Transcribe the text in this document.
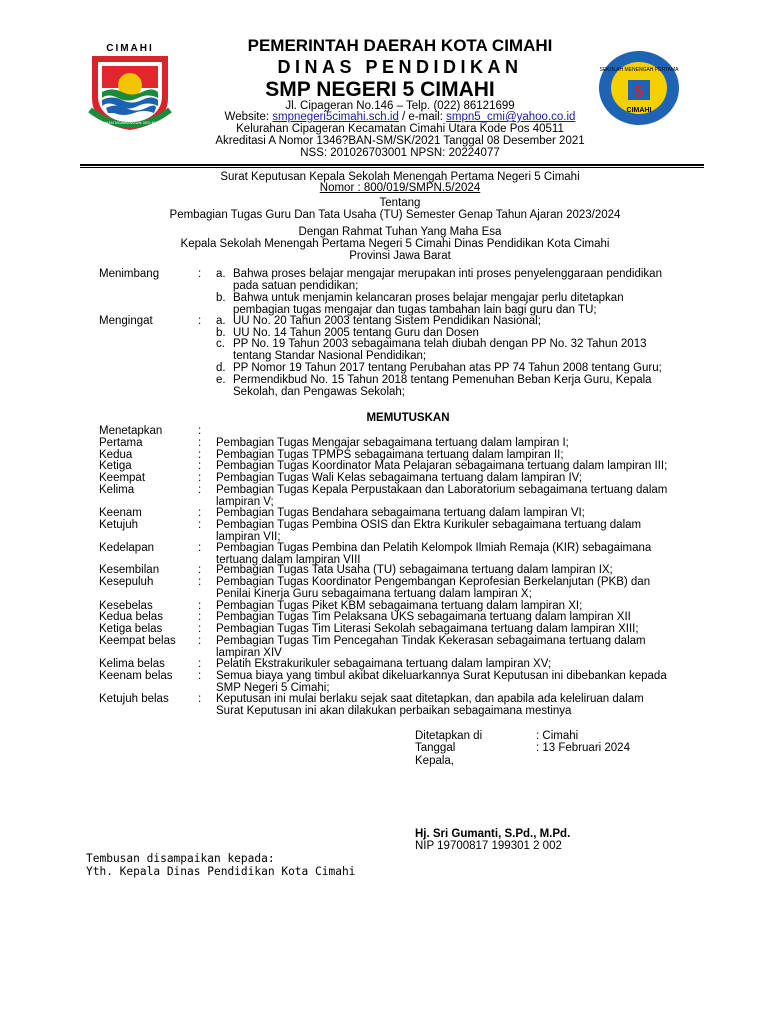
CIMAHI
SAUYUNAN NGAWANGUN JATI MANDIRI
5
SEKOLAH MENENGAH PERTAMA
CIMAHI
PEMERINTAH DAERAH KOTA CIMAHI
DINAS PENDIDIKAN
SMP NEGERI 5 CIMAHI
Jl. Cipageran No.146 – Telp. (022) 86121699
Website: smpnegeri5cimahi.sch.id / e-mail: smpn5_cmi@yahoo.co.id
Kelurahan Cipageran Kecamatan Cimahi Utara Kode Pos 40511
Akreditasi A Nomor 1346?BAN-SM/SK/2021 Tanggal 08 Desember 2021
NSS: 201026703001 NPSN: 20224077
Surat Keputusan Kepala Sekolah Menengah Pertama Negeri 5 Cimahi
Nomor : 800/019/SMPN.5/2024
Tentang
Pembagian Tugas Guru Dan Tata Usaha (TU) Semester Genap Tahun Ajaran 2023/2024
Dengan Rahmat Tuhan Yang Maha Esa
Kepala Sekolah Menengah Pertama Negeri 5 Cimahi Dinas Pendidikan Kota Cimahi
Provinsi Jawa Barat
Menimbang	: a. Bahwa proses belajar mengajar merupakan inti proses penyelenggaraan pendidikan
pada satuan pendidikan;
b. Bahwa untuk menjamin kelancaran proses belajar mengajar perlu ditetapkan
pembagian tugas mengajar dan tugas tambahan lain bagi guru dan TU;
Mengingat	: a. UU No. 20 Tahun 2003 tentang Sistem Pendidikan Nasional;
b. UU No. 14 Tahun 2005 tentang Guru dan Dosen
c. PP No. 19 Tahun 2003 sebagaimana telah diubah dengan PP No. 32 Tahun 2013
tentang Standar Nasional Pendidikan;
d. PP Nomor 19 Tahun 2017 tentang Perubahan atas PP 74 Tahun 2008 tentang Guru;
e. Permendikbud No. 15 Tahun 2018 tentang Pemenuhan Beban Kerja Guru, Kepala
Sekolah, dan Pengawas Sekolah;
MEMUTUSKAN
Menetapkan	:
Pertama	: Pembagian Tugas Mengajar sebagaimana tertuang dalam lampiran I;
Kedua	: Pembagian Tugas TPMPS sebagaimana tertuang dalam lampiran II;
Ketiga	: Pembagian Tugas Koordinator Mata Pelajaran sebagaimana tertuang dalam lampiran III;
Keempat	: Pembagian Tugas Wali Kelas sebagaimana tertuang dalam lampiran IV;
Kelima	: Pembagian Tugas Kepala Perpustakaan dan Laboratorium sebagaimana tertuang dalam
lampiran V;
Keenam	: Pembagian Tugas Bendahara sebagaimana tertuang dalam lampiran VI;
Ketujuh	: Pembagian Tugas Pembina OSIS dan Ektra Kurikuler sebagaimana tertuang dalam
lampiran VII;
Kedelapan	: Pembagian Tugas Pembina dan Pelatih Kelompok Ilmiah Remaja (KIR) sebagaimana
tertuang dalam lampiran VIII
Kesembilan	: Pembagian Tugas Tata Usaha (TU) sebagaimana tertuang dalam lampiran IX;
Kesepuluh	: Pembagian Tugas Koordinator Pengembangan Keprofesian Berkelanjutan (PKB) dan
Penilai Kinerja Guru sebagaimana tertuang dalam lampiran X;
Kesebelas	: Pembagian Tugas Piket KBM sebagaimana tertuang dalam lampiran XI;
Kedua belas	: Pembagian Tugas Tim Pelaksana UKS sebagaimana tertuang dalam lampiran XII
Ketiga belas	: Pembagian Tugas Tim Literasi Sekolah sebagaimana tertuang dalam lampiran XIII;
Keempat belas : Pembagian Tugas Tim Pencegahan Tindak Kekerasan sebagaimana tertuang dalam
lampiran XIV
Kelima belas	: Pelatih Ekstrakurikuler sebagaimana tertuang dalam lampiran XV;
Keenam belas : Semua biaya yang timbul akibat dikeluarkannya Surat Keputusan ini dibebankan kepada
SMP Negeri 5 Cimahi;
Ketujuh belas	: Keputusan ini mulai berlaku sejak saat ditetapkan, dan apabila ada keleliruan dalam
Surat Keputusan ini akan dilakukan perbaikan sebagaimana mestinya
Ditetapkan di	: Cimahi
Tanggal	: 13 Februari 2024
Kepala,
Hj. Sri Gumanti, S.Pd., M.Pd.
NIP 19700817 199301 2 002
Tembusan disampaikan kepada:
Yth. Kepala Dinas Pendidikan Kota Cimahi
